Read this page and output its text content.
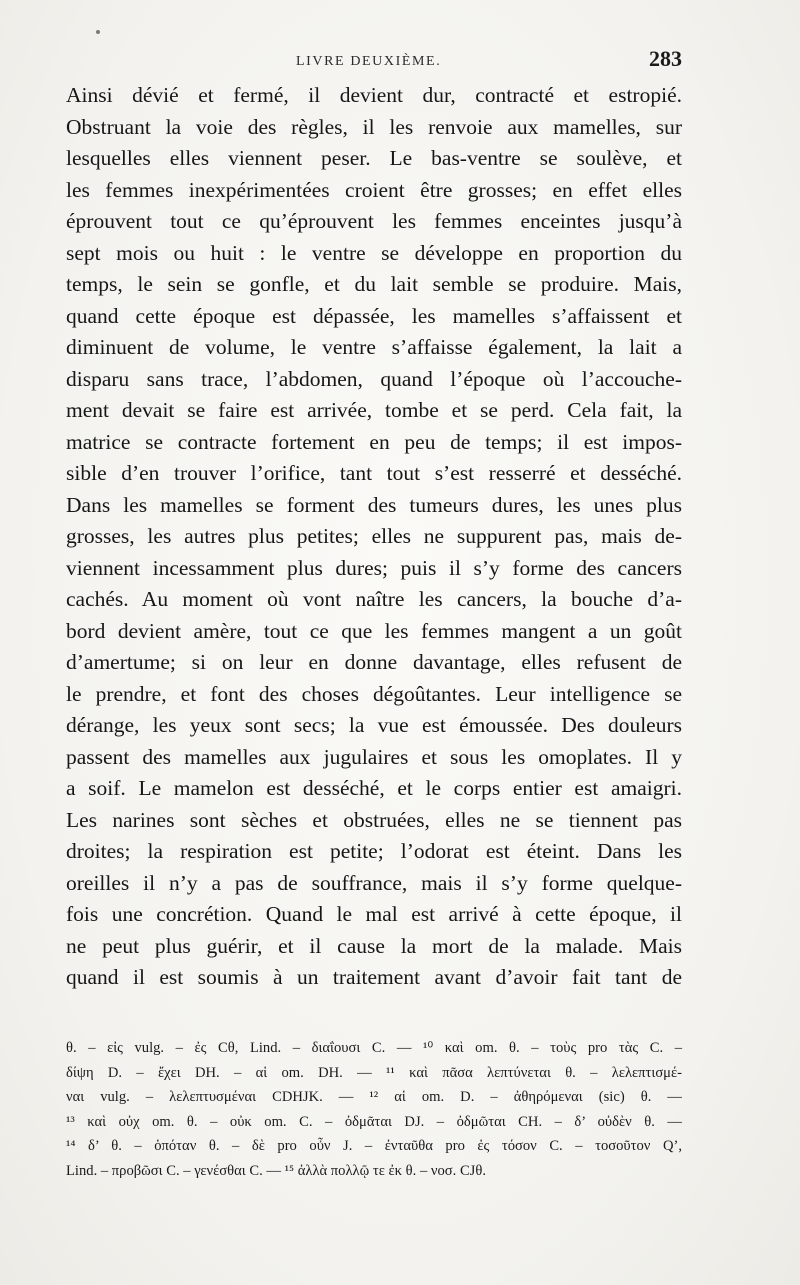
LIVRE DEUXIÈME.	283
Ainsi dévié et fermé, il devient dur, contracté et estropié.
Obstruant la voie des règles, il les renvoie aux mamelles, sur
lesquelles elles viennent peser. Le bas-ventre se soulève, et
les femmes inexpérimentées croient être grosses; en effet elles
éprouvent tout ce qu’éprouvent les femmes enceintes jusqu’à
sept mois ou huit : le ventre se développe en proportion du
temps, le sein se gonfle, et du lait semble se produire. Mais,
quand cette époque est dépassée, les mamelles s’affaissent et
diminuent de volume, le ventre s’affaisse également, la lait a
disparu sans trace, l’abdomen, quand l’époque où l’accouche-
ment devait se faire est arrivée, tombe et se perd. Cela fait, la
matrice se contracte fortement en peu de temps; il est impos-
sible d’en trouver l’orifice, tant tout s’est resserré et desséché.
Dans les mamelles se forment des tumeurs dures, les unes plus
grosses, les autres plus petites; elles ne suppurent pas, mais de-
viennent incessamment plus dures; puis il s’y forme des cancers
cachés. Au moment où vont naître les cancers, la bouche d’a-
bord devient amère, tout ce que les femmes mangent a un goût
d’amertume; si on leur en donne davantage, elles refusent de
le prendre, et font des choses dégoûtantes. Leur intelligence se
dérange, les yeux sont secs; la vue est émoussée. Des douleurs
passent des mamelles aux jugulaires et sous les omoplates. Il y
a soif. Le mamelon est desséché, et le corps entier est amaigri.
Les narines sont sèches et obstruées, elles ne se tiennent pas
droites; la respiration est petite; l’odorat est éteint. Dans les
oreilles il n’y a pas de souffrance, mais il s’y forme quelque-
fois une concrétion. Quand le mal est arrivé à cette époque, il
ne peut plus guérir, et il cause la mort de la malade. Mais
quand il est soumis à un traitement avant d’avoir fait tant de
θ. – εἰς vulg. – ἐς Cθ, Lind. – διαΐουσι C. — ¹⁰ καὶ om. θ. – τοὺς pro τὰς C. –
δίψη D. – ἔχει DH. – αἱ om. DH. — ¹¹ καὶ πᾶσα λεπτύνεται θ. – λελεπτισμέ-
ναι vulg. – λελεπτυσμέναι CDHJK. — ¹² αἱ om. D. – ἀθηρόμεναι (sic) θ. —
¹³ καὶ οὐχ om. θ. – οὐκ om. C. – ὀδμᾶται DJ. – ὀδμῶται CH. – δ’ οὐδὲν θ. —
¹⁴ δ’ θ. – ὁπόταν θ. – δὲ pro οὖν J. – ἐνταῦθα pro ἐς τόσον C. – τοσοῦτον Q’,
Lind. – προβῶσι C. – γενέσθαι C. — ¹⁵ ἀλλὰ πολλῷ τε ἐκ θ. – νοσ. CJθ.
